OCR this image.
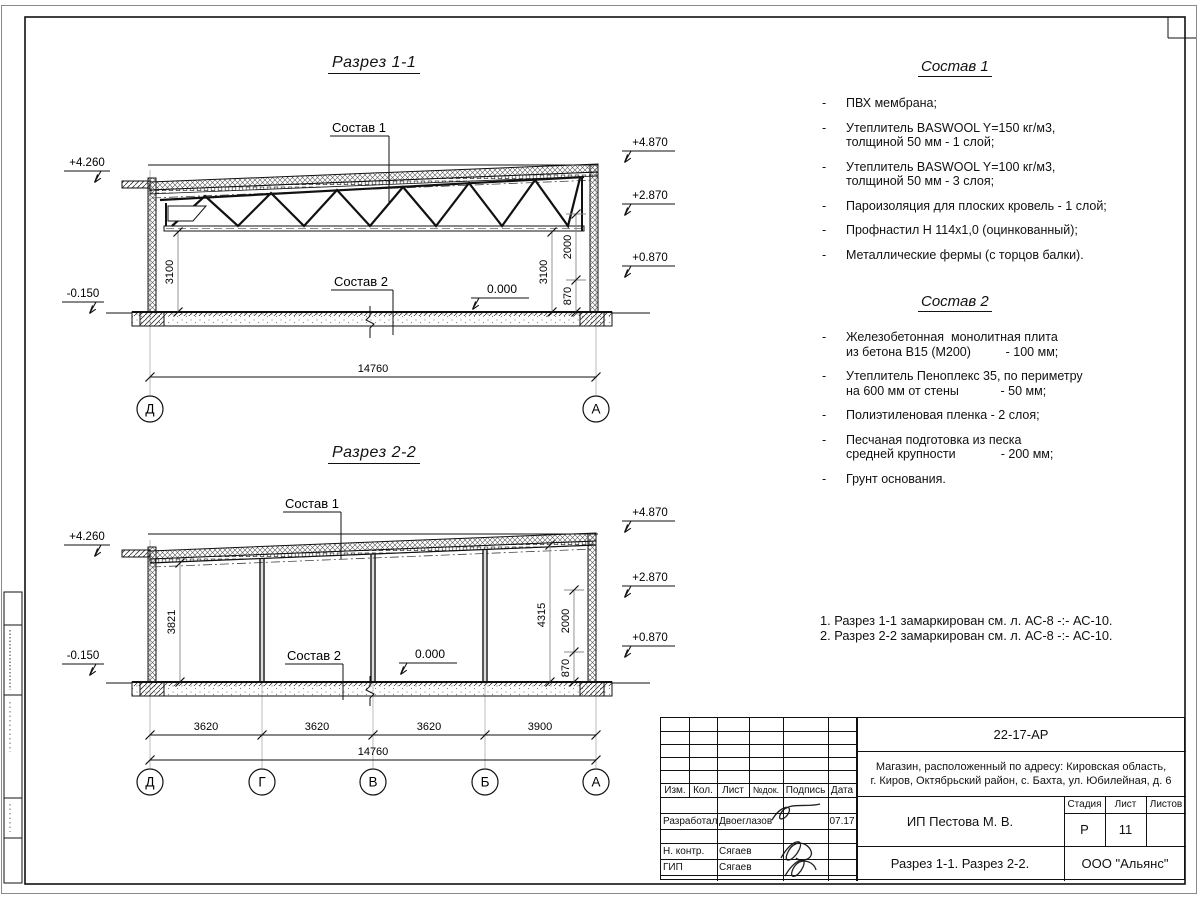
Состав 1
Состав 2	0.000
+4.260
-0.150
+4.870
+2.870
+0.870
3100	3100
2000
870
14760
Д	А
Состав 1
Состав 2	0.000
+4.260
-0.150
+4.870
+2.870
+0.870
3821	4315 2000
870
3620	3620	3620	3900
14760
Д	Г	В	Б	А
Разрез 1-1
Разрез 2-2
Состав 1
- ПВХ мембрана;
- Утеплитель BASWOOL Y=150 кг/м3,
толщиной 50 мм - 1 слой;
- Утеплитель BASWOOL Y=100 кг/м3,
толщиной 50 мм - 3 слоя;
- Пароизоляция для плоских кровель - 1 слой;
- Профнастил Н 114х1,0 (оцинкованный);
- Металлические фермы (с торцов балки).
Состав 2
- Железобетонная  монолитная плита
из бетона В15 (М200)          - 100 мм;
- Утеплитель Пеноплекс 35, по периметру
на 600 мм от стены            - 50 мм;
- Полиэтиленовая пленка - 2 слоя;
- Песчаная подготовка из песка
средней крупности             - 200 мм;
- Грунт основания.
1. Разрез 1-1 замаркирован см. л. АС-8 -:- АС-10.
2. Разрез 2-2 замаркирован см. л. АС-8 -:- АС-10.
Изм. Кол. Лист №док. Подпись Дата
Разработал Двоеглазов	07.17
Н. контр.	Сягаев
ГИП	Сягаев
22-17-АР
Магазин, расположенный по адресу: Кировская область,
г. Киров, Октябрьский район, с. Бахта, ул. Юбилейная, д. 6
ИП Пестова М. В.
Стадия	Лист	Листов
Р	11
Разрез 1-1. Разрез 2-2.	ООО "Альянс"
